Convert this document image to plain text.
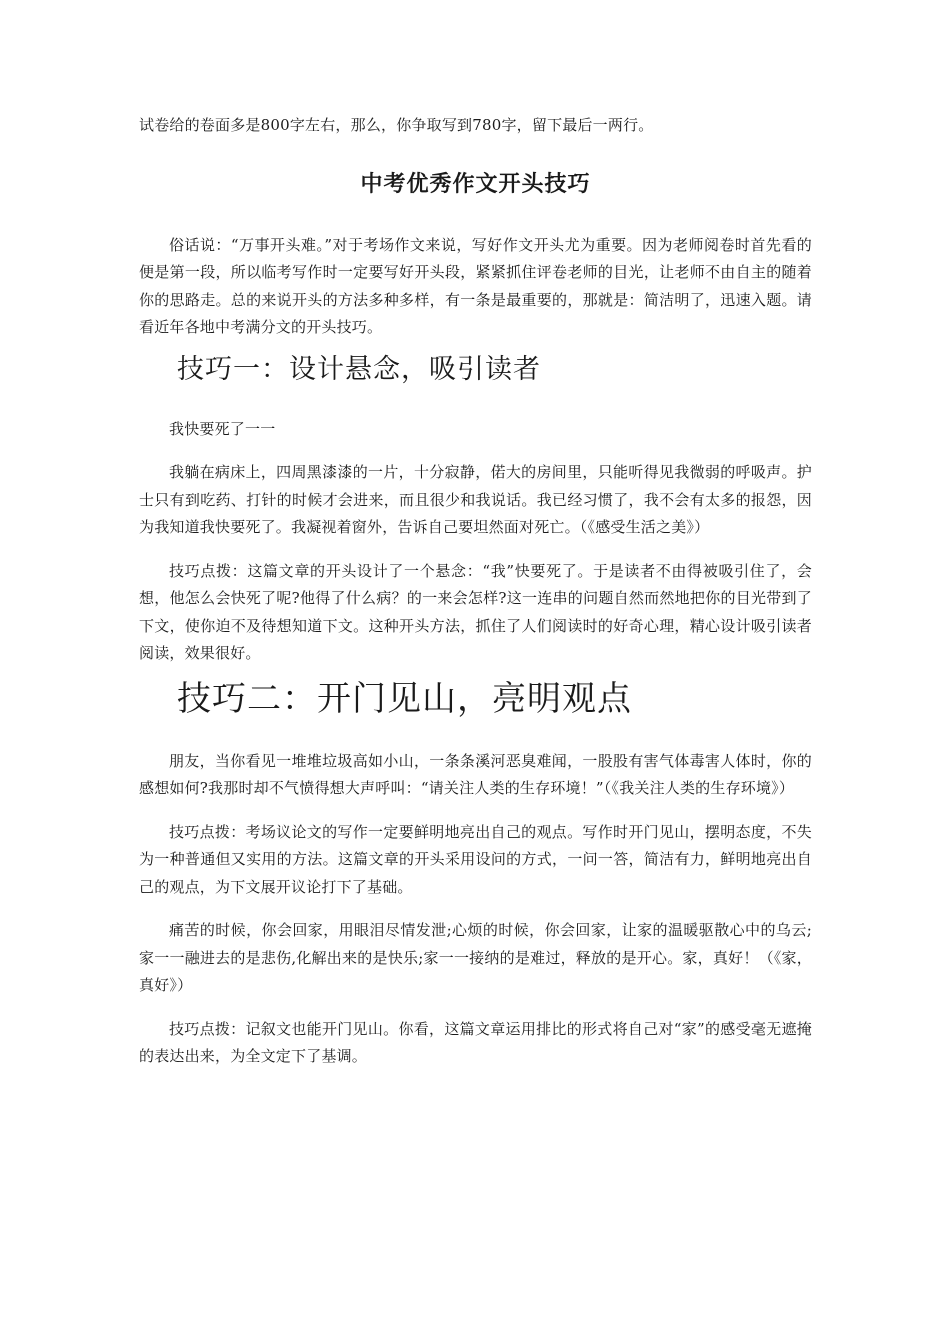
试卷给的卷面多是800字左右，那么，你争取写到780字，留下最后一两行。

中考优秀作文开头技巧

俗话说：“万事开头难。”对于考场作文来说，写好作文开头尤为重要。因为老师阅卷时首先看的便是第一段，所以临考写作时一定要写好开头段，紧紧抓住评卷老师的目光，让老师不由自主的随着你的思路走。总的来说开头的方法多种多样，有一条是最重要的，那就是：简洁明了，迅速入题。请看近年各地中考满分文的开头技巧。

技巧一：设计悬念，吸引读者

我快要死了一一

我躺在病床上，四周黑漆漆的一片，十分寂静，偌大的房间里，只能听得见我微弱的呼吸声。护士只有到吃药、打针的时候才会进来，而且很少和我说话。我已经习惯了，我不会有太多的报怨，因为我知道我快要死了。我凝视着窗外，告诉自己要坦然面对死亡。（《感受生活之美》）

技巧点拨：这篇文章的开头设计了一个悬念：“我”快要死了。于是读者不由得被吸引住了，会想，他怎么会快死了呢?他得了什么病？的一来会怎样?这一连串的问题自然而然地把你的目光带到了下文，使你迫不及待想知道下文。这种开头方法，抓住了人们阅读时的好奇心理，精心设计吸引读者阅读，效果很好。

技巧二：开门见山，亮明观点

朋友，当你看见一堆堆垃圾高如小山，一条条溪河恶臭难闻，一股股有害气体毒害人体时，你的感想如何?我那时却不气愤得想大声呼叫：“请关注人类的生存环境！”（《我关注人类的生存环境》）

技巧点拨：考场议论文的写作一定要鲜明地亮出自己的观点。写作时开门见山，摆明态度，不失为一种普通但又实用的方法。这篇文章的开头采用设问的方式，一问一答，简洁有力，鲜明地亮出自己的观点，为下文展开议论打下了基础。

痛苦的时候，你会回家，用眼泪尽情发泄;心烦的时候，你会回家，让家的温暖驱散心中的乌云;家一一融进去的是悲伤,化解出来的是快乐;家一一接纳的是难过，释放的是开心。家，真好！（《家，真好》）

技巧点拨：记叙文也能开门见山。你看，这篇文章运用排比的形式将自己对“家”的感受毫无遮掩的表达出来，为全文定下了基调。
